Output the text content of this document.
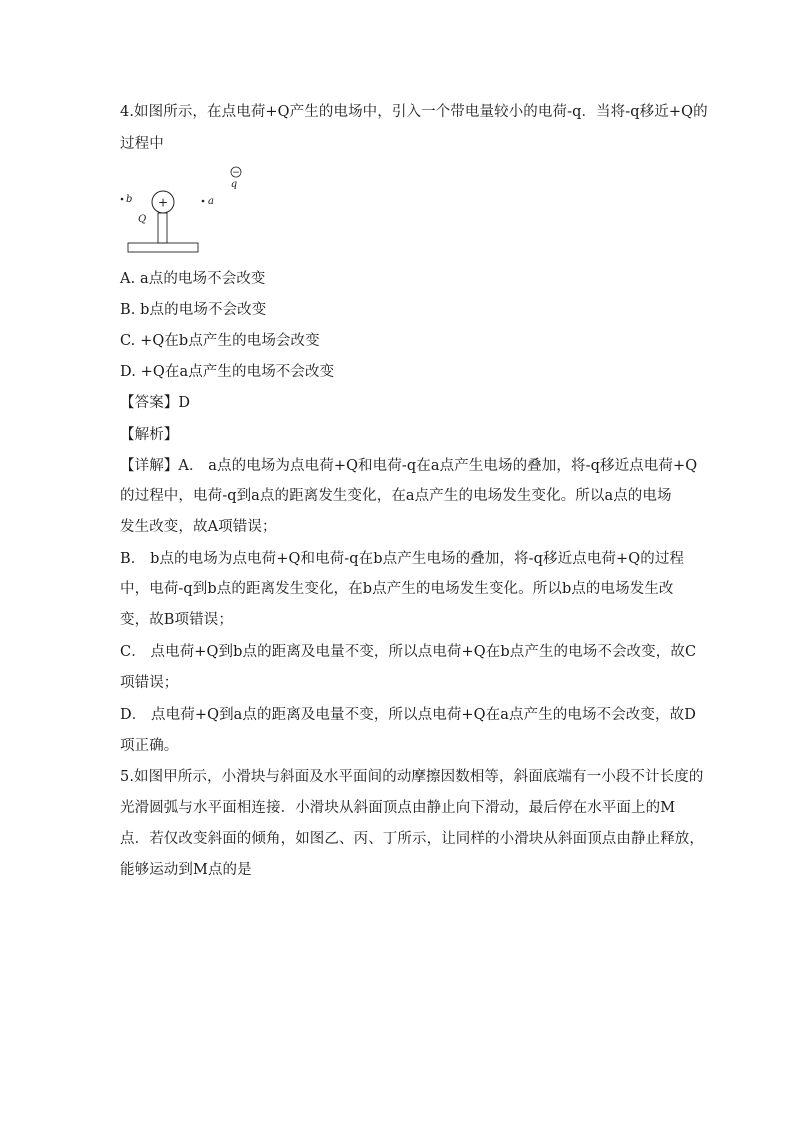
4.如图所示，在点电荷+Q产生的电场中，引入一个带电量较小的电荷-q．当将-q移近+Q的
过程中
−
q
b +
Q
a
A. a点的电场不会改变
B. b点的电场不会改变
C. +Q在b点产生的电场会改变
D. +Q在a点产生的电场不会改变
【答案】D
【解析】
【详解】A． a点的电场为点电荷+Q和电荷-q在a点产生电场的叠加，将-q移近点电荷+Q
的过程中，电荷-q到a点的距离发生变化，在a点产生的电场发生变化。所以a点的电场
发生改变，故A项错误；
B． b点的电场为点电荷+Q和电荷-q在b点产生电场的叠加，将-q移近点电荷+Q的过程
中，电荷-q到b点的距离发生变化，在b点产生的电场发生变化。所以b点的电场发生改
变，故B项错误；
C． 点电荷+Q到b点的距离及电量不变，所以点电荷+Q在b点产生的电场不会改变，故C
项错误；
D． 点电荷+Q到a点的距离及电量不变，所以点电荷+Q在a点产生的电场不会改变，故D
项正确。
5.如图甲所示，小滑块与斜面及水平面间的动摩擦因数相等，斜面底端有一小段不计长度的
光滑圆弧与水平面相连接．小滑块从斜面顶点由静止向下滑动，最后停在水平面上的M
点．若仅改变斜面的倾角，如图乙、丙、丁所示，让同样的小滑块从斜面顶点由静止释放，
能够运动到M点的是
